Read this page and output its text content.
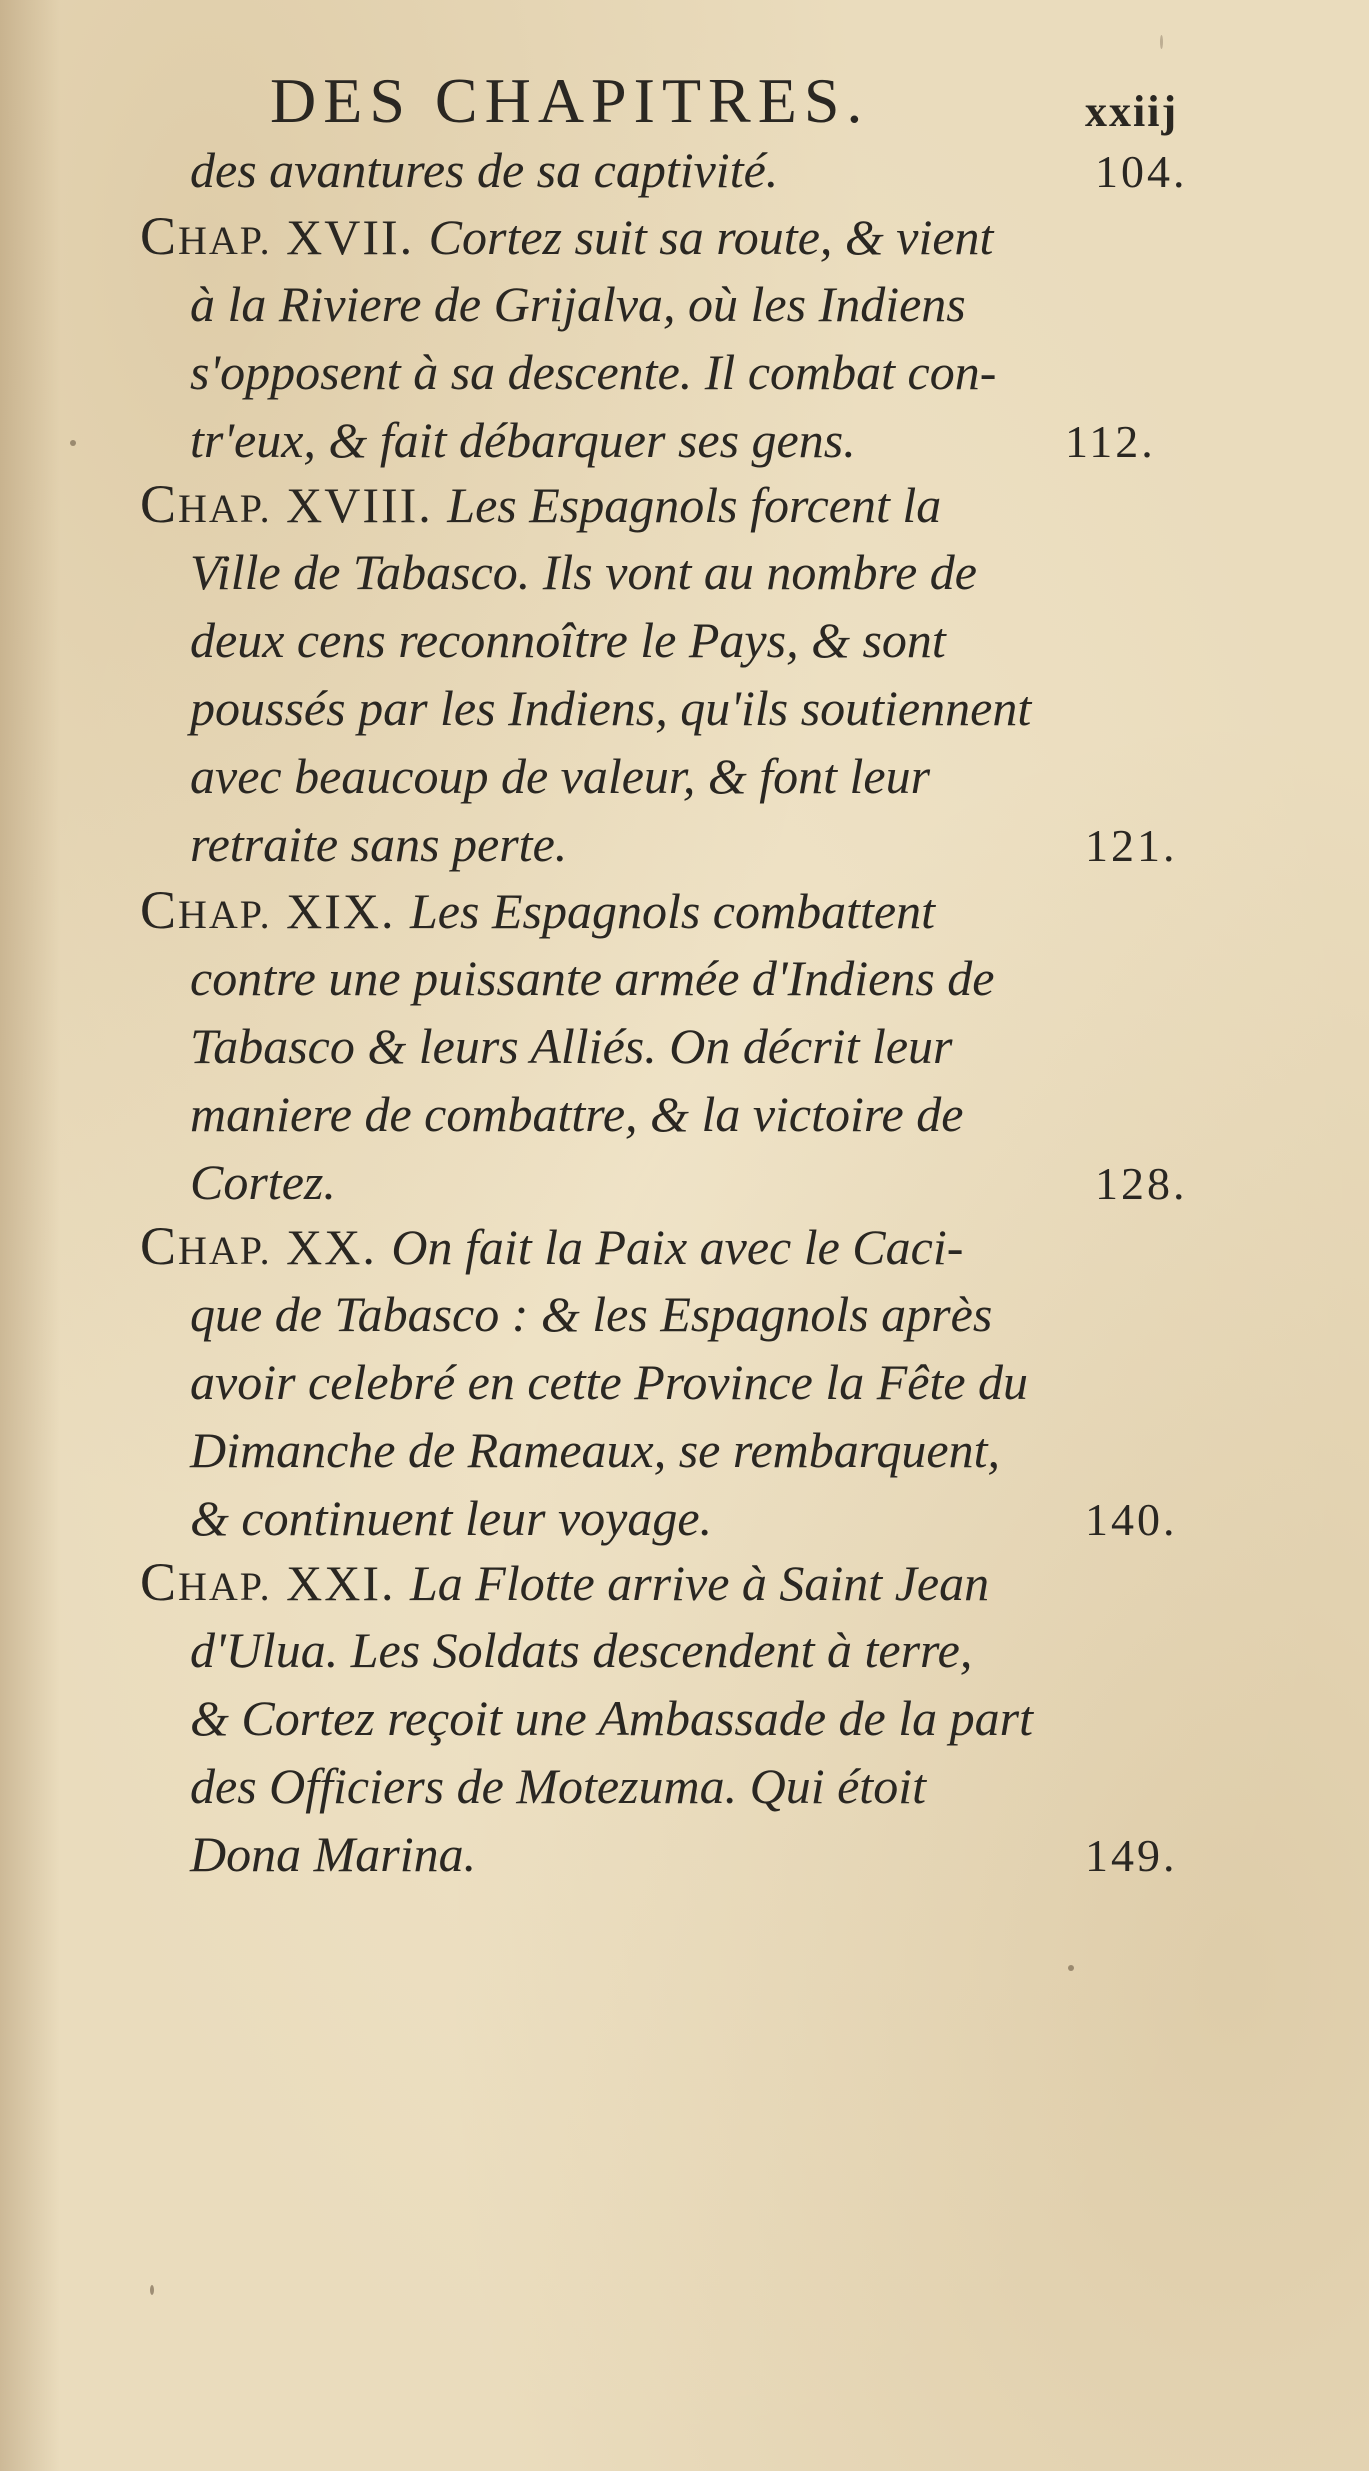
DES CHAPITRES.	xxiij
des avantures de sa captivité.	104.
CHAP. XVII. Cortez suit sa route, & vient
à la Riviere de Grijalva, où les Indiens
s'opposent à sa descente. Il combat con-
tr'eux, & fait débarquer ses gens.	112.
CHAP. XVIII. Les Espagnols forcent la
Ville de Tabasco. Ils vont au nombre de
deux cens reconnoître le Pays, & sont
poussés par les Indiens, qu'ils soutiennent
avec beaucoup de valeur, & font leur
retraite sans perte.	121.
CHAP. XIX. Les Espagnols combattent
contre une puissante armée d'Indiens de
Tabasco & leurs Alliés. On décrit leur
maniere de combattre, & la victoire de
Cortez.	128.
CHAP. XX. On fait la Paix avec le Caci-
que de Tabasco : & les Espagnols après
avoir celebré en cette Province la Fête du
Dimanche de Rameaux, se rembarquent,
& continuent leur voyage.	140.
CHAP. XXI. La Flotte arrive à Saint Jean
d'Ulua. Les Soldats descendent à terre,
& Cortez reçoit une Ambassade de la part
des Officiers de Motezuma. Qui étoit
Dona Marina.	149.
